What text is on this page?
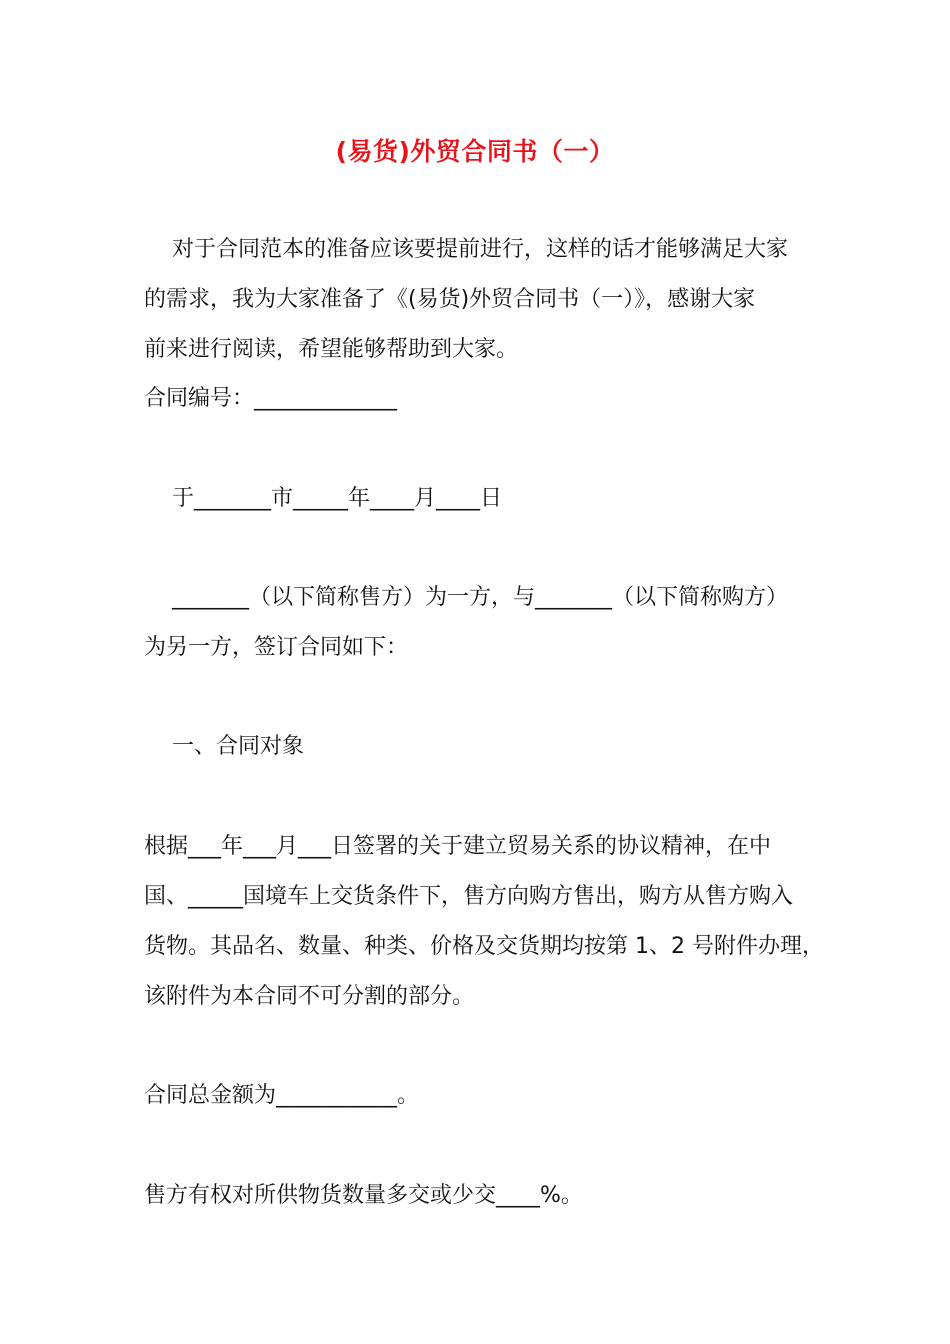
(易货)外贸合同书（一）
对于合同范本的准备应该要提前进行，这样的话才能够满足大家
的需求，我为大家准备了《(易货)外贸合同书（一）》，感谢大家
前来进行阅读，希望能够帮助到大家。
合同编号：_____________
于_______市_____年____月____日
_______（以下简称售方）为一方，与_______（以下简称购方）
为另一方，签订合同如下：
一、合同对象
根据___年___月___日签署的关于建立贸易关系的协议精神，在中
国、_____国境车上交货条件下，售方向购方售出，购方从售方购入
货物。其品名、数量、种类、价格及交货期均按第 1、2 号附件办理，
该附件为本合同不可分割的部分。
合同总金额为___________。
售方有权对所供物货数量多交或少交____%。
